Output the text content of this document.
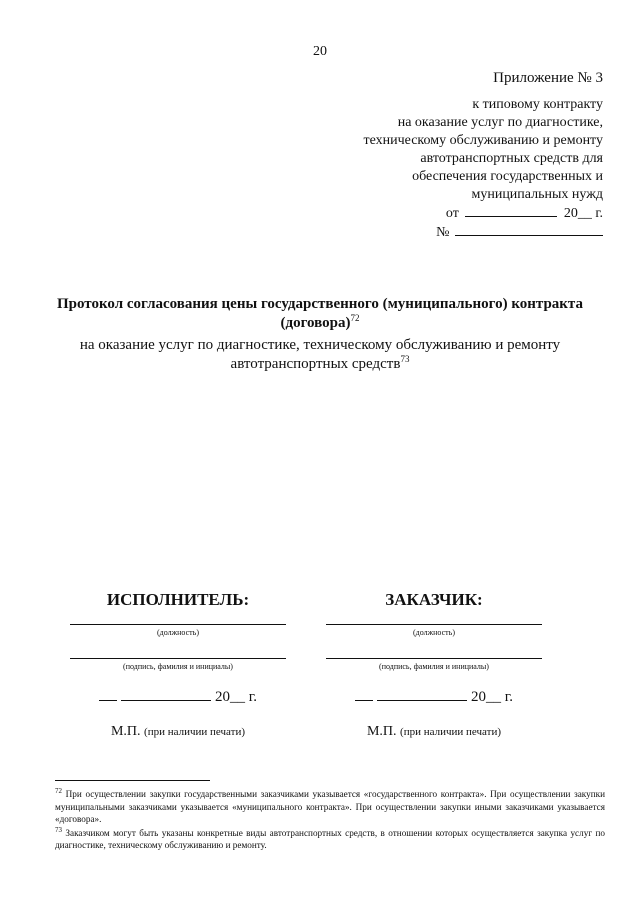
20
Приложение № 3
к типовому контракту
на оказание услуг по диагностике,
техническому обслуживанию и ремонту
автотранспортных средств для
обеспечения государственных и
муниципальных нужд
от	20__ г.
№
Протокол согласования цены государственного (муниципального) контракта
(договора)$^{72}$
на оказание услуг по диагностике, техническому обслуживанию и ремонту
автотранспортных средств$^{73}$
ИСПОЛНИТЕЛЬ:
(должность)
(подпись, фамилия и инициалы)
20__
г.
М.П. (при наличии печати)
ЗАКАЗЧИК:
(должность)
(подпись, фамилия и инициалы)
20__
г.
М.П. (при наличии печати)

$^{72}$ При осуществлении закупки государственными заказчиками указывается «государственного контракта». При осуществлении закупки муниципальными заказчиками указывается «муниципального контракта». При осуществлении закупки иными заказчиками указывается «договора».

$^{73}$ Заказчиком могут быть указаны конкретные виды автотранспортных средств, в отношении которых осуществляется закупка услуг по диагностике, техническому обслуживанию и ремонту.
